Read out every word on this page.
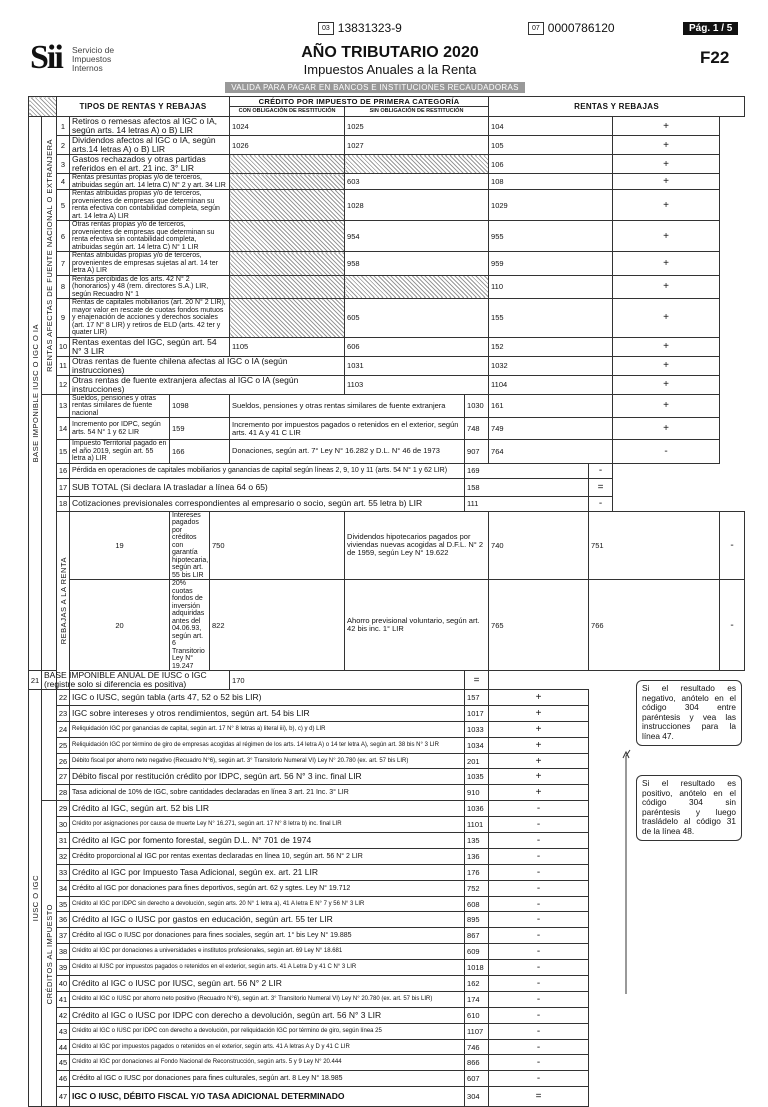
03 13831323-9	07 0000786120	Pág. 1 / 5
Sii Servicio de
Impuestos
Internos
AÑO TRIBUTARIO 2020
Impuestos Anuales a la Renta
F22
VALIDA PARA PAGAR EN BANCOS E INSTITUCIONES RECAUDADORAS
		TIPOS DE RENTAS Y REBAJAS				CRÉDITO POR IMPUESTO DE PRIMERA CATEGORÍA			RENTAS Y REBAJAS			
						CON OBLIGACIÓN DE RESTITUCIÓN	SIN OBLIGACIÓN DE RESTITUCIÓN					

BASE IMPONIBLE IUSC O IGC O IA	RENTAS AFECTAS DE FUENTE NACIONAL O EXTRANJERA	1	Retiros o remesas afectos al IGC o IA, según arts. 14 letras A) o B) LIR			1024	1025		104		+	
		2	Dividendos afectos al IGC o IA, según arts.14 letras A) o B) LIR			1026	1027		105		+	
		3	Gastos rechazados y otras partidas referidos en el art. 21 inc. 3° LIR						106		+	
		4	Rentas presuntas propias y/o de terceros, atribuidas según art. 14 letra C) N° 2 y art. 34 LIR				603		108		+	
		5	Rentas atribuidas propias y/o de terceros, provenientes de empresas que determinan su renta efectiva con contabilidad completa, según art. 14 letra A) LIR				1028		1029		+	
		6	Otras rentas propias y/o de terceros, provenientes de empresas que determinan su renta efectiva sin contabilidad completa, atribuidas según art. 14 letra C) N° 1 LIR				954		955		+	
		7	Rentas atribuidas propias y/o de terceros, provenientes de empresas sujetas al art. 14 ter letra A) LIR				958		959		+	
		8	Rentas percibidas de los arts. 42 N° 2 (honorarios) y 48 (rem. directores S.A.) LIR, según Recuadro N° 1						110		+	
		9	Rentas de capitales mobiliarios (art. 20 N° 2 LIR), mayor valor en rescate de cuotas fondos mutuos y enajenación de acciones y derechos sociales (art. 17 N° 8 LIR) y retiros de ELD (arts. 42 ter y quater LIR)				605		155		+	
		10	Rentas exentas del IGC, según art. 54 N° 3 LIR			1105	606		152		+	
		11	Otras rentas de fuente chilena afectas al IGC o IA (según instrucciones)				1031		1032		+	
		12	Otras rentas de fuente extranjera afectas al IGC o IA (según instrucciones)				1103		1104		+	
		13	Sueldos, pensiones y otras rentas similares de fuente nacional	1098		Sueldos, pensiones y otras rentas similares de fuente extranjera		1030	161		+	
		14	Incremento por IDPC, según arts. 54 N° 1 y 62 LIR	159		Incremento por impuestos pagados o retenidos en el exterior, según arts. 41 A y 41 C LIR		748	749		+	
		15	Impuesto Territorial pagado en el año 2019, según art. 55 letra a) LIR	166		Donaciones, según art. 7° Ley N° 16.282 y D.L. N° 46 de 1973		907	764		-	
		16	Pérdida en operaciones de capitales mobiliarios y ganancias de capital según líneas 2, 9, 10 y 11 (arts. 54 N° 1 y 62 LIR)					169		-		
		17	SUB TOTAL (Si declara IA trasladar a línea 64 o 65)					158		=		
		18	Cotizaciones previsionales correspondientes al empresario o socio, según art. 55 letra b) LIR					111		-		

		REBAJAS A LA RENTA	19	Intereses pagados por créditos con garantía hipotecaria, según art. 55 bis LIR	750		Dividendos hipotecarios pagados por viviendas nuevas acogidas al D.F.L. N° 2 de 1959, según Ley N° 19.622		740	751		-
			20	20% cuotas fondos de inversión adquiridas antes del 04.06.93, según art. 6 Transitorio Ley N° 19.247	822		Ahorro previsional voluntario, según art. 42 bis inc. 1° LIR		765	766		-
21	BASE IMPONIBLE ANUAL DE IUSC o IGC (registre solo si diferencia es positiva)					170		=				

IUSC O IGC		22	IGC o IUSC, según tabla (arts 47, 52 o 52 bis LIR)					157	+			
		23	IGC sobre intereses y otros rendimientos, según art. 54 bis LIR					1017	+			
		24	Reliquidación IGC por ganancias de capital, según art. 17 N° 8 letras a) literal iii), b), c) y d) LIR					1033	+			
		25	Reliquidación IGC por término de giro de empresas acogidas al régimen de los arts. 14 letra A) o 14 ter letra A), según art. 38 bis N° 3 LIR					1034	+			
		26	Débito fiscal por ahorro neto negativo (Recuadro N°6), según art. 3° Transitorio Numeral VI) Ley N° 20.780 (ex. art. 57 bis LIR)					201	+			
		27	Débito fiscal por restitución crédito por IDPC, según art. 56 N° 3 inc. final LIR					1035	+			
		28	Tasa adicional de 10% de IGC, sobre cantidades declaradas en línea 3 art. 21 Inc. 3° LIR					910	+			

	CRÉDITOS AL IMPUESTO	29	Crédito al IGC, según art. 52 bis LIR					1036	-			
		30	Crédito por asignaciones por causa de muerte Ley N° 16.271, según art. 17 N° 8 letra b) inc. final LIR					1101	-			
		31	Crédito al IGC por fomento forestal, según D.L. N° 701 de 1974					135	-			
		32	Crédito proporcional al IGC por rentas exentas declaradas en línea 10, según art. 56 N° 2 LIR					136	-			
		33	Crédito al IGC por Impuesto Tasa Adicional, según ex. art. 21 LIR					176	-			
		34	Crédito al IGC por donaciones para fines deportivos, según art. 62 y sgtes. Ley N° 19.712					752	-			
		35	Crédito al IGC por IDPC sin derecho a devolución, según arts. 20 N° 1 letra a), 41 A letra E N° 7 y 56 N° 3 LIR					608	-			
		36	Crédito al IGC o IUSC por gastos en educación, según art. 55 ter LIR					895	-			
		37	Crédito al IGC o IUSC por donaciones para fines sociales, según art. 1° bis Ley N° 19.885					867	-			
		38	Crédito al IGC por donaciones a universidades e institutos profesionales, según art. 69 Ley N° 18.681					609	-			
		39	Crédito al IUSC por impuestos pagados o retenidos en el exterior, según arts. 41 A Letra D y 41 C N° 3 LIR					1018	-			
		40	Crédito al IGC o IUSC por IUSC, según art. 56 N° 2 LIR					162	-			
		41	Crédito al IGC o IUSC por ahorro neto positivo (Recuadro N°6), según art. 3° Transitorio Numeral VI) Ley N° 20.780 (ex. art. 57 bis LIR)					174	-			
		42	Crédito al IGC o IUSC por IDPC con derecho a devolución, según art. 56 N° 3 LIR					610	-			
		43	Crédito al IGC o IUSC por IDPC con derecho a devolución, por reliquidación IGC por término de giro, según línea 25					1107	-			
		44	Crédito al IGC por impuestos pagados o retenidos en el exterior, según arts. 41 A letras A y D y 41 C LIR					746	-			
		45	Crédito al IGC por donaciones al Fondo Nacional de Reconstrucción, según arts. 5 y 9 Ley N° 20.444					866	-			
		46	Crédito al IGC o IUSC por donaciones para fines culturales, según art. 8 Ley N° 18.985					607	-			
		47	IGC O IUSC, DÉBITO FISCAL Y/O TASA ADICIONAL DETERMINADO					304	=			
Si el resultado es negativo, anótelo en el código 304 entre paréntesis y vea las instrucciones para la línea 47.
Si el resultado es positivo, anótelo en el código 304 sin paréntesis y luego trasládelo al código 31 de la línea 48.
